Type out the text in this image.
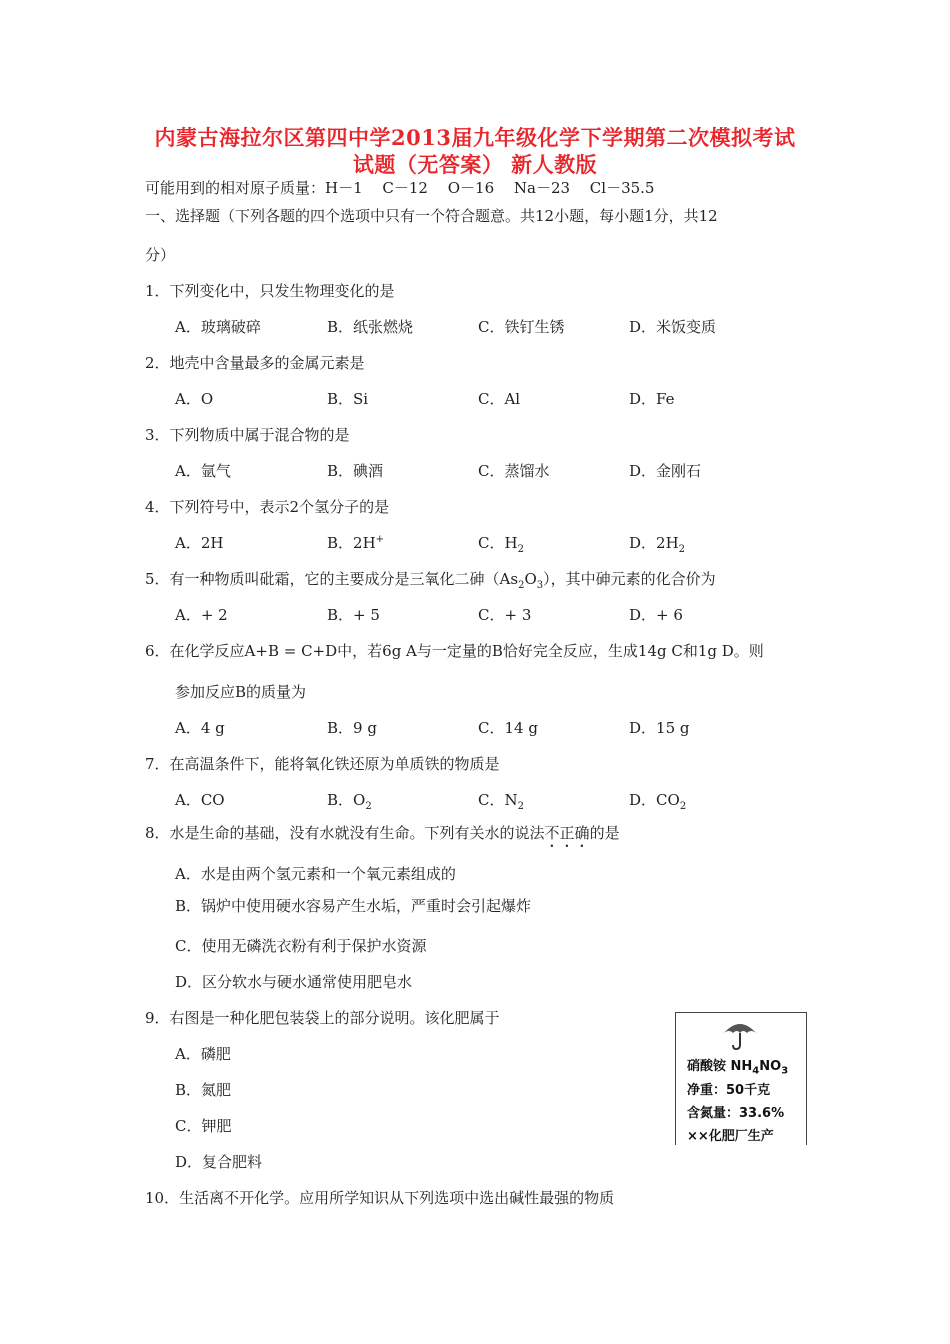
内蒙古海拉尔区第四中学2013届九年级化学下学期第二次模拟考试
试题（无答案） 新人教版
可能用到的相对原子质量：H－1　 C－12　 O－16　 Na－23　 Cl－35.5
一、选择题（下列各题的四个选项中只有一个符合题意。共12小题，每小题1分，共12
分）
1．下列变化中，只发生物理变化的是
A．玻璃破碎	B．纸张燃烧	C．铁钉生锈	D．米饭变质
2．地壳中含量最多的金属元素是
A．O	B．Si	C．Al	D．Fe
3．下列物质中属于混合物的是
A．氩气	B．碘酒	C．蒸馏水	D．金刚石
4．下列符号中，表示2个氢分子的是
A．2H	B．2H+	C．$H_2$	D．$2H_2$
5．有一种物质叫砒霜，它的主要成分是三氧化二砷$(As_2O_3)$，其中砷元素的化合价为
A．+ 2	B．+ 5	C．+ 3	D．+ 6
6．在化学反应A+B = C+D中，若6g A与一定量的B恰好完全反应，生成14g C和1g D。则
参加反应B的质量为
A．4 g	B．9 g	C．14 g	D．15 g
7．在高温条件下，能将氧化铁还原为单质铁的物质是
A．CO	B．$O_2$	C．$N_2$	D．$CO_2$
8．水是生命的基础，没有水就没有生命。下列有关水的说法不正确的是
A．水是由两个氢元素和一个氧元素组成的
B．锅炉中使用硬水容易产生水垢，严重时会引起爆炸
C．使用无磷洗衣粉有利于保护水资源
D．区分软水与硬水通常使用肥皂水
9．右图是一种化肥包装袋上的部分说明。该化肥属于
A．磷肥
B．氮肥
C．钾肥
D．复合肥料
硝酸铵 $NH_4NO_3$
净重：50千克
含氮量：33.6%
××化肥厂生产
10．生活离不开化学。应用所学知识从下列选项中选出碱性最强的物质
